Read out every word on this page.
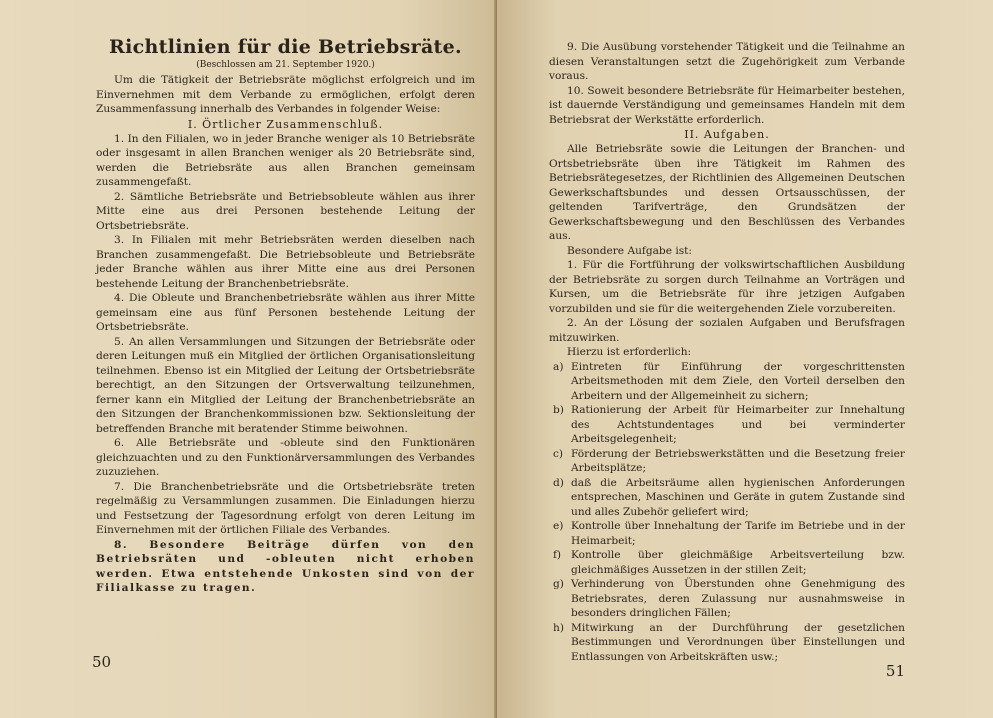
Richtlinien für die Betriebsräte.
(Beschlossen am 21. September 1920.)

Um die Tätigkeit der Betriebsräte möglichst erfolgreich und im Einvernehmen mit dem Verbande zu ermöglichen, erfolgt deren Zusammenfassung innerhalb des Verbandes in folgender Weise:

I. Örtlicher Zusammenschluß.

1. In den Filialen, wo in jeder Branche weniger als 10 Betriebsräte oder insgesamt in allen Branchen weniger als 20 Betriebsräte sind, werden die Betriebsräte aus allen Branchen gemeinsam zusammengefaßt.

2. Sämtliche Betriebsräte und Betriebsobleute wählen aus ihrer Mitte eine aus drei Personen bestehende Leitung der Ortsbetriebsräte.

3. In Filialen mit mehr Betriebsräten werden dieselben nach Branchen zusammengefaßt. Die Betriebsobleute und Betriebsräte jeder Branche wählen aus ihrer Mitte eine aus drei Personen bestehende Leitung der Branchenbetriebsräte.

4. Die Obleute und Branchenbetriebsräte wählen aus ihrer Mitte gemeinsam eine aus fünf Personen bestehende Leitung der Ortsbetriebsräte.

5. An allen Versammlungen und Sitzungen der Betriebsräte oder deren Leitungen muß ein Mitglied der örtlichen Organisationsleitung teilnehmen. Ebenso ist ein Mitglied der Leitung der Ortsbetriebsräte berechtigt, an den Sitzungen der Ortsverwaltung teilzunehmen, ferner kann ein Mitglied der Leitung der Branchenbetriebsräte an den Sitzungen der Branchenkommissionen bzw. Sektionsleitung der betreffenden Branche mit beratender Stimme beiwohnen.

6. Alle Betriebsräte und -obleute sind den Funktionären gleichzuachten und zu den Funktionärversammlungen des Verbandes zuzuziehen.

7. Die Branchenbetriebsräte und die Ortsbetriebsräte treten regelmäßig zu Versammlungen zusammen. Die Einladungen hierzu und Festsetzung der Tagesordnung erfolgt von deren Leitung im Einvernehmen mit der örtlichen Filiale des Verbandes.

8. Besondere Beiträge dürfen von den Betriebsräten und -obleuten nicht erhoben werden. Etwa entstehende Unkosten sind von der Filialkasse zu tragen.

50

9. Die Ausübung vorstehender Tätigkeit und die Teilnahme an diesen Veranstaltungen setzt die Zugehörigkeit zum Verbande voraus.

10. Soweit besondere Betriebsräte für Heimarbeiter bestehen, ist dauernde Verständigung und gemeinsames Handeln mit dem Betriebsrat der Werkstätte erforderlich.

II. Aufgaben.

Alle Betriebsräte sowie die Leitungen der Branchen- und Ortsbetriebsräte üben ihre Tätigkeit im Rahmen des Betriebsrätegesetzes, der Richtlinien des Allgemeinen Deutschen Gewerkschaftsbundes und dessen Ortsausschüssen, der geltenden Tarifverträge, den Grundsätzen der Gewerkschaftsbewegung und den Beschlüssen des Verbandes aus.

Besondere Aufgabe ist:

1. Für die Fortführung der volkswirtschaftlichen Ausbildung der Betriebsräte zu sorgen durch Teilnahme an Vorträgen und Kursen, um die Betriebsräte für ihre jetzigen Aufgaben vorzubilden und sie für die weitergehenden Ziele vorzubereiten.

2. An der Lösung der sozialen Aufgaben und Berufsfragen mitzuwirken.

Hierzu ist erforderlich:

a) Eintreten für Einführung der vorgeschrittensten Arbeitsmethoden mit dem Ziele, den Vorteil derselben den Arbeitern und der Allgemeinheit zu sichern;
b) Rationierung der Arbeit für Heimarbeiter zur Innehaltung des Achtstundentages und bei verminderter Arbeitsgelegenheit;
c) Förderung der Betriebswerkstätten und die Besetzung freier Arbeitsplätze;
d) daß die Arbeitsräume allen hygienischen Anforderungen entsprechen, Maschinen und Geräte in gutem Zustande sind und alles Zubehör geliefert wird;
e) Kontrolle über Innehaltung der Tarife im Betriebe und in der Heimarbeit;
f) Kontrolle über gleichmäßige Arbeitsverteilung bzw. gleichmäßiges Aussetzen in der stillen Zeit;
g) Verhinderung von Überstunden ohne Genehmigung des Betriebsrates, deren Zulassung nur ausnahmsweise in besonders dringlichen Fällen;
h) Mitwirkung an der Durchführung der gesetzlichen Bestimmungen und Verordnungen über Einstellungen und Entlassungen von Arbeitskräften usw.;
51
